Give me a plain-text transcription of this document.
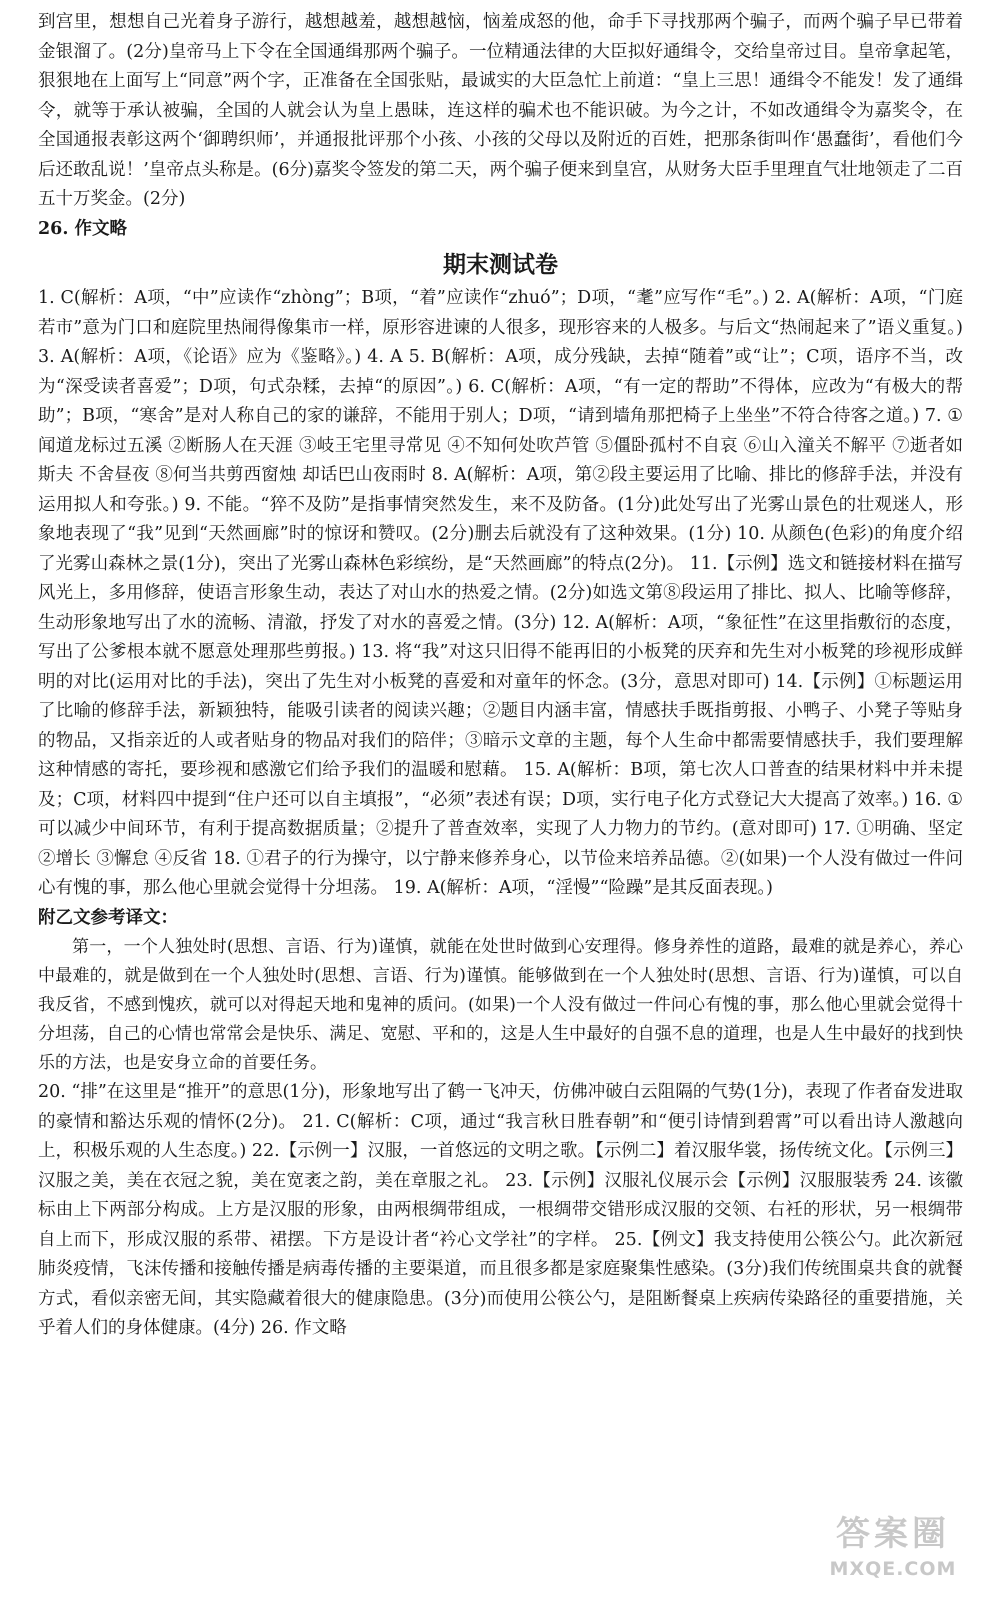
到宫里，想想自己光着身子游行，越想越羞，越想越恼，恼羞成怒的他，命手下寻找那两个骗子，而两个骗子早已带着金银溜了。(2分)皇帝马上下令在全国通缉那两个骗子。一位精通法律的大臣拟好通缉令，交给皇帝过目。皇帝拿起笔，狠狠地在上面写上“同意”两个字，正准备在全国张贴，最诚实的大臣急忙上前道：“皇上三思！通缉令不能发！发了通缉令，就等于承认被骗，全国的人就会认为皇上愚昧，连这样的骗术也不能识破。为今之计，不如改通缉令为嘉奖令，在全国通报表彰这两个‘御聘织师’，并通报批评那个小孩、小孩的父母以及附近的百姓，把那条街叫作‘愚蠢街’，看他们今后还敢乱说！’皇帝点头称是。(6分)嘉奖令签发的第二天，两个骗子便来到皇宫，从财务大臣手里理直气壮地领走了二百五十万奖金。(2分)

26. 作文略

期末测试卷

1. C(解析：A项，“中”应读作“zhòng”；B项，“着”应读作“zhuó”；D项，“耄”应写作“毛”。) 2. A(解析：A项，“门庭若市”意为门口和庭院里热闹得像集市一样，原形容进谏的人很多，现形容来的人极多。与后文“热闹起来了”语义重复。) 3. A(解析：A项，《论语》应为《鉴略》。) 4. A 5. B(解析：A项，成分残缺，去掉“随着”或“让”；C项，语序不当，改为“深受读者喜爱”；D项，句式杂糅，去掉“的原因”。) 6. C(解析：A项，“有一定的帮助”不得体，应改为“有极大的帮助”；B项，“寒舍”是对人称自己的家的谦辞，不能用于别人；D项，“请到墙角那把椅子上坐坐”不符合待客之道。) 7. ①闻道龙标过五溪 ②断肠人在天涯 ③岐王宅里寻常见 ④不知何处吹芦管 ⑤僵卧孤村不自哀 ⑥山入潼关不解平 ⑦逝者如斯夫 不舍昼夜 ⑧何当共剪西窗烛 却话巴山夜雨时 8. A(解析：A项，第②段主要运用了比喻、排比的修辞手法，并没有运用拟人和夸张。) 9. 不能。“猝不及防”是指事情突然发生，来不及防备。(1分)此处写出了光雾山景色的壮观迷人，形象地表现了“我”见到“天然画廊”时的惊讶和赞叹。(2分)删去后就没有了这种效果。(1分) 10. 从颜色(色彩)的角度介绍了光雾山森林之景(1分)，突出了光雾山森林色彩缤纷，是“天然画廊”的特点(2分)。 11.【示例】选文和链接材料在描写风光上，多用修辞，使语言形象生动，表达了对山水的热爱之情。(2分)如选文第⑧段运用了排比、拟人、比喻等修辞，生动形象地写出了水的流畅、清澈，抒发了对水的喜爱之情。(3分) 12. A(解析：A项，“象征性”在这里指敷衍的态度，写出了公爹根本就不愿意处理那些剪报。) 13. 将“我”对这只旧得不能再旧的小板凳的厌弃和先生对小板凳的珍视形成鲜明的对比(运用对比的手法)，突出了先生对小板凳的喜爱和对童年的怀念。(3分，意思对即可) 14.【示例】①标题运用了比喻的修辞手法，新颖独特，能吸引读者的阅读兴趣；②题目内涵丰富，情感扶手既指剪报、小鸭子、小凳子等贴身的物品，又指亲近的人或者贴身的物品对我们的陪伴；③暗示文章的主题，每个人生命中都需要情感扶手，我们要理解这种情感的寄托，要珍视和感激它们给予我们的温暖和慰藉。 15. A(解析：B项，第七次人口普查的结果材料中并未提及；C项，材料四中提到“住户还可以自主填报”，“必须”表述有误；D项，实行电子化方式登记大大提高了效率。) 16. ①可以减少中间环节，有利于提高数据质量；②提升了普查效率，实现了人力物力的节约。(意对即可) 17. ①明确、坚定 ②增长 ③懈怠 ④反省 18. ①君子的行为操守，以宁静来修养身心，以节俭来培养品德。②(如果)一个人没有做过一件问心有愧的事，那么他心里就会觉得十分坦荡。 19. A(解析：A项，“淫慢”“险躁”是其反面表现。)

附乙文参考译文：

第一，一个人独处时(思想、言语、行为)谨慎，就能在处世时做到心安理得。修身养性的道路，最难的就是养心，养心中最难的，就是做到在一个人独处时(思想、言语、行为)谨慎。能够做到在一个人独处时(思想、言语、行为)谨慎，可以自我反省，不感到愧疚，就可以对得起天地和鬼神的质问。(如果)一个人没有做过一件问心有愧的事，那么他心里就会觉得十分坦荡，自己的心情也常常会是快乐、满足、宽慰、平和的，这是人生中最好的自强不息的道理，也是人生中最好的找到快乐的方法，也是安身立命的首要任务。

20. “排”在这里是“推开”的意思(1分)，形象地写出了鹤一飞冲天，仿佛冲破白云阻隔的气势(1分)，表现了作者奋发进取的豪情和豁达乐观的情怀(2分)。 21. C(解析：C项，通过“我言秋日胜春朝”和“便引诗情到碧霄”可以看出诗人激越向上，积极乐观的人生态度。) 22.【示例一】汉服，一首悠远的文明之歌。【示例二】着汉服华裳，扬传统文化。【示例三】汉服之美，美在衣冠之貌，美在宽袤之韵，美在章服之礼。 23.【示例】汉服礼仪展示会【示例】汉服服装秀 24. 该徽标由上下两部分构成。上方是汉服的形象，由两根绸带组成，一根绸带交错形成汉服的交领、右衽的形状，另一根绸带自上而下，形成汉服的系带、裙摆。下方是设计者“衿心文学社”的字样。 25.【例文】我支持使用公筷公勺。此次新冠肺炎疫情，飞沫传播和接触传播是病毒传播的主要渠道，而且很多都是家庭聚集性感染。(3分)我们传统围桌共食的就餐方式，看似亲密无间，其实隐藏着很大的健康隐患。(3分)而使用公筷公勺，是阻断餐桌上疾病传染路径的重要措施，关乎着人们的身体健康。(4分) 26. 作文略

答案圈
MXQE.COM
